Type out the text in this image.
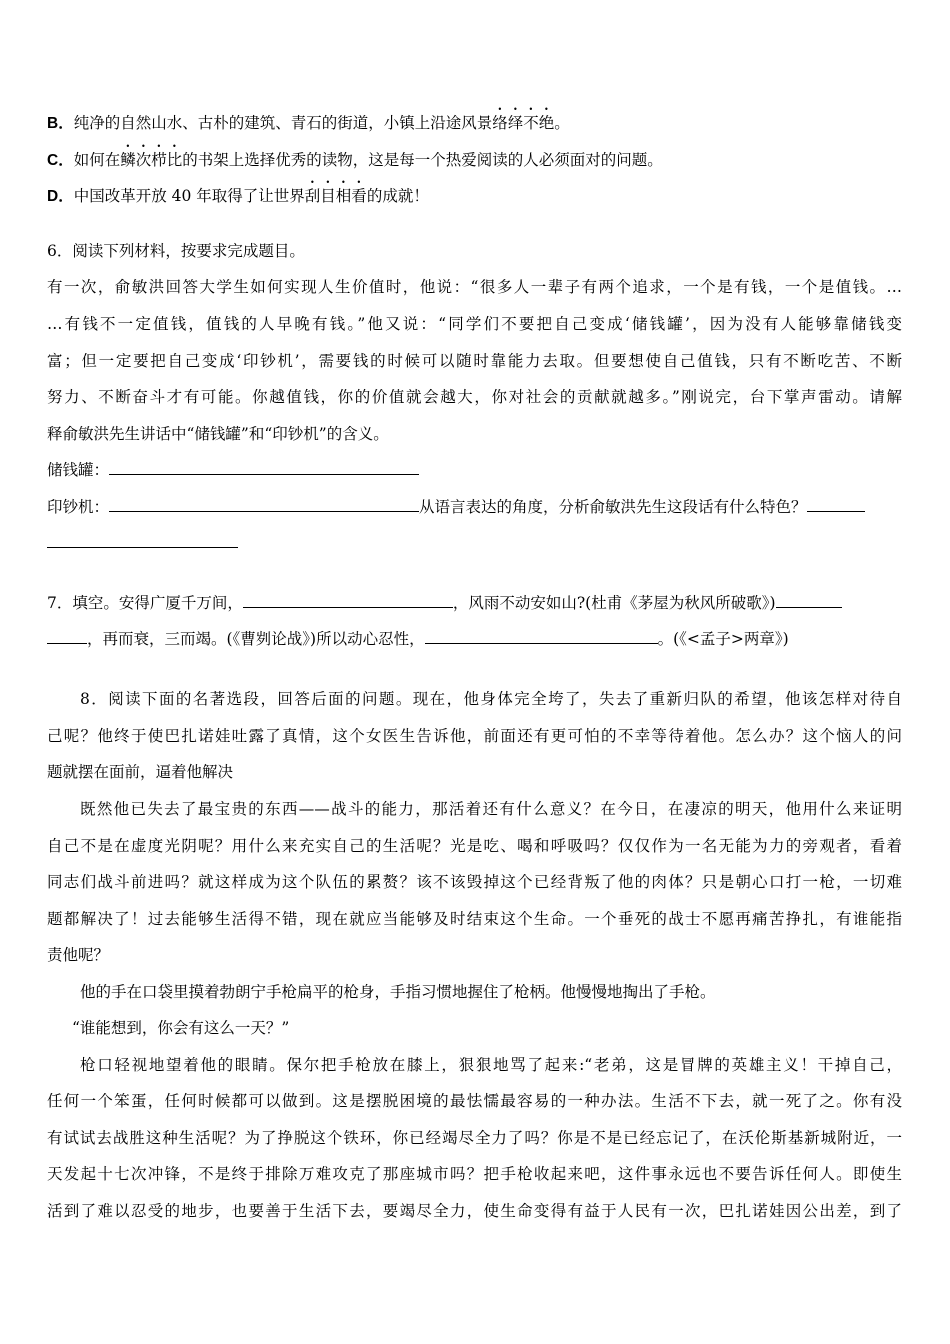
B．纯净的自然山水、古朴的建筑、青石的街道，小镇上沿途风景络绎不绝。
C．如何在鳞次栉比的书架上选择优秀的读物，这是每一个热爱阅读的人必须面对的问题。
D．中国改革开放 40 年取得了让世界刮目相看的成就！
6．阅读下列材料，按要求完成题目。
有一次，俞敏洪回答大学生如何实现人生价值时，他说：“很多人一辈子有两个追求，一个是有钱，一个是值钱。…
…有钱不一定值钱，值钱的人早晚有钱。”他又说：“同学们不要把自己变成‘储钱罐’，因为没有人能够靠储钱变
富；但一定要把自己变成‘印钞机’，需要钱的时候可以随时靠能力去取。但要想使自己值钱，只有不断吃苦、不断
努力、不断奋斗才有可能。你越值钱，你的价值就会越大，你对社会的贡献就越多。”刚说完，台下掌声雷动。请解
释俞敏洪先生讲话中“储钱罐”和“印钞机”的含义。
储钱罐：
印钞机：	从语言表达的角度，分析俞敏洪先生这段话有什么特色？
7．填空。安得广厦千万间，	，风雨不动安如山?(杜甫《茅屋为秋风所破歌》)
，再而衰，三而竭。(《曹刿论战》)所以动心忍性，	。(《<孟子>两章》)
8．阅读下面的名著选段，回答后面的问题。现在，他身体完全垮了，失去了重新归队的希望，他该怎样对待自
己呢？他终于使巴扎诺娃吐露了真情，这个女医生告诉他，前面还有更可怕的不幸等待着他。怎么办？这个恼人的问
题就摆在面前，逼着他解决
既然他已失去了最宝贵的东西——战斗的能力，那活着还有什么意义？在今日，在凄凉的明天，他用什么来证明
自己不是在虚度光阴呢？用什么来充实自己的生活呢？光是吃、喝和呼吸吗？仅仅作为一名无能为力的旁观者，看着
同志们战斗前进吗？就这样成为这个队伍的累赘？该不该毁掉这个已经背叛了他的肉体？只是朝心口打一枪，一切难
题都解决了！过去能够生活得不错，现在就应当能够及时结束这个生命。一个垂死的战士不愿再痛苦挣扎，有谁能指
责他呢？
他的手在口袋里摸着勃朗宁手枪扁平的枪身，手指习惯地握住了枪柄。他慢慢地掏出了手枪。
“谁能想到，你会有这么一天？”
枪口轻视地望着他的眼睛。保尔把手枪放在膝上，狠狠地骂了起来:“老弟，这是冒牌的英雄主义！干掉自己，
任何一个笨蛋，任何时候都可以做到。这是摆脱困境的最怯懦最容易的一种办法。生活不下去，就一死了之。你有没
有试试去战胜这种生活呢？为了挣脱这个铁环，你已经竭尽全力了吗？你是不是已经忘记了，在沃伦斯基新城附近，一
天发起十七次冲锋，不是终于排除万难攻克了那座城市吗？把手枪收起来吧，这件事永远也不要告诉任何人。即使生
活到了难以忍受的地步，也要善于生活下去，要竭尽全力，使生命变得有益于人民有一次，巴扎诺娃因公出差，到了
